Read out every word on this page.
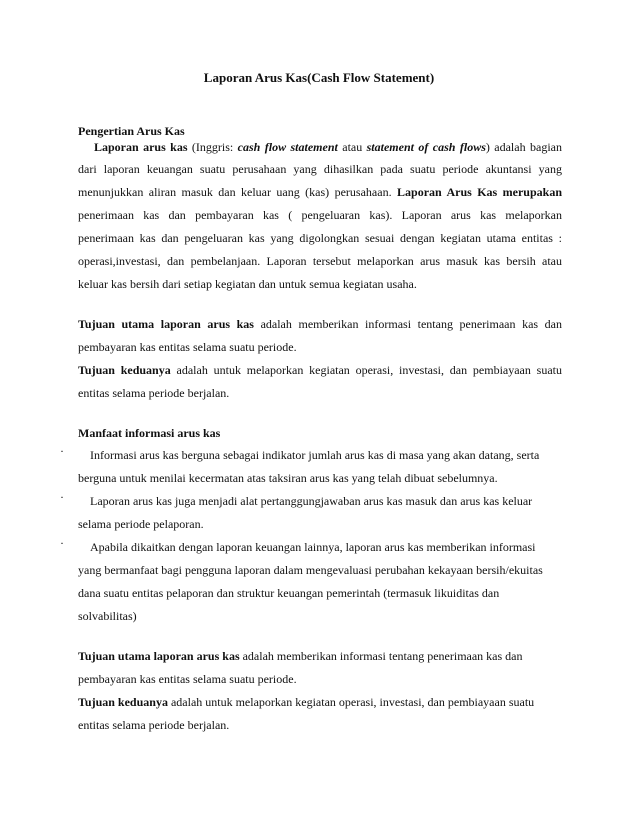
Laporan Arus Kas(Cash Flow Statement)
Pengertian Arus Kas
Laporan arus kas (Inggris: cash flow statement atau statement of cash flows) adalah bagian
dari laporan keuangan suatu perusahaan yang dihasilkan pada suatu periode akuntansi yang
menunjukkan aliran masuk dan keluar uang (kas) perusahaan. Laporan Arus Kas merupakan
penerimaan kas dan pembayaran kas ( pengeluaran kas). Laporan arus kas melaporkan
penerimaan kas dan pengeluaran kas yang digolongkan sesuai dengan kegiatan utama entitas :
operasi,investasi, dan pembelanjaan. Laporan tersebut melaporkan arus masuk kas bersih atau
keluar kas bersih dari setiap kegiatan dan untuk semua kegiatan usaha.
Tujuan utama laporan arus kas adalah memberikan informasi tentang penerimaan kas dan
pembayaran kas entitas selama suatu periode.
Tujuan keduanya adalah untuk melaporkan kegiatan operasi, investasi, dan pembiayaan suatu
entitas selama periode berjalan.
Manfaat informasi arus kas
· Informasi arus kas berguna sebagai indikator jumlah arus kas di masa yang akan datang, serta
berguna untuk menilai kecermatan atas taksiran arus kas yang telah dibuat sebelumnya.
· Laporan arus kas juga menjadi alat pertanggungjawaban arus kas masuk dan arus kas keluar
selama periode pelaporan.
· Apabila dikaitkan dengan laporan keuangan lainnya, laporan arus kas memberikan informasi
yang bermanfaat bagi pengguna laporan dalam mengevaluasi perubahan kekayaan bersih/ekuitas
dana suatu entitas pelaporan dan struktur keuangan pemerintah (termasuk likuiditas dan
solvabilitas)
Tujuan utama laporan arus kas adalah memberikan informasi tentang penerimaan kas dan
pembayaran kas entitas selama suatu periode.
Tujuan keduanya adalah untuk melaporkan kegiatan operasi, investasi, dan pembiayaan suatu
entitas selama periode berjalan.
